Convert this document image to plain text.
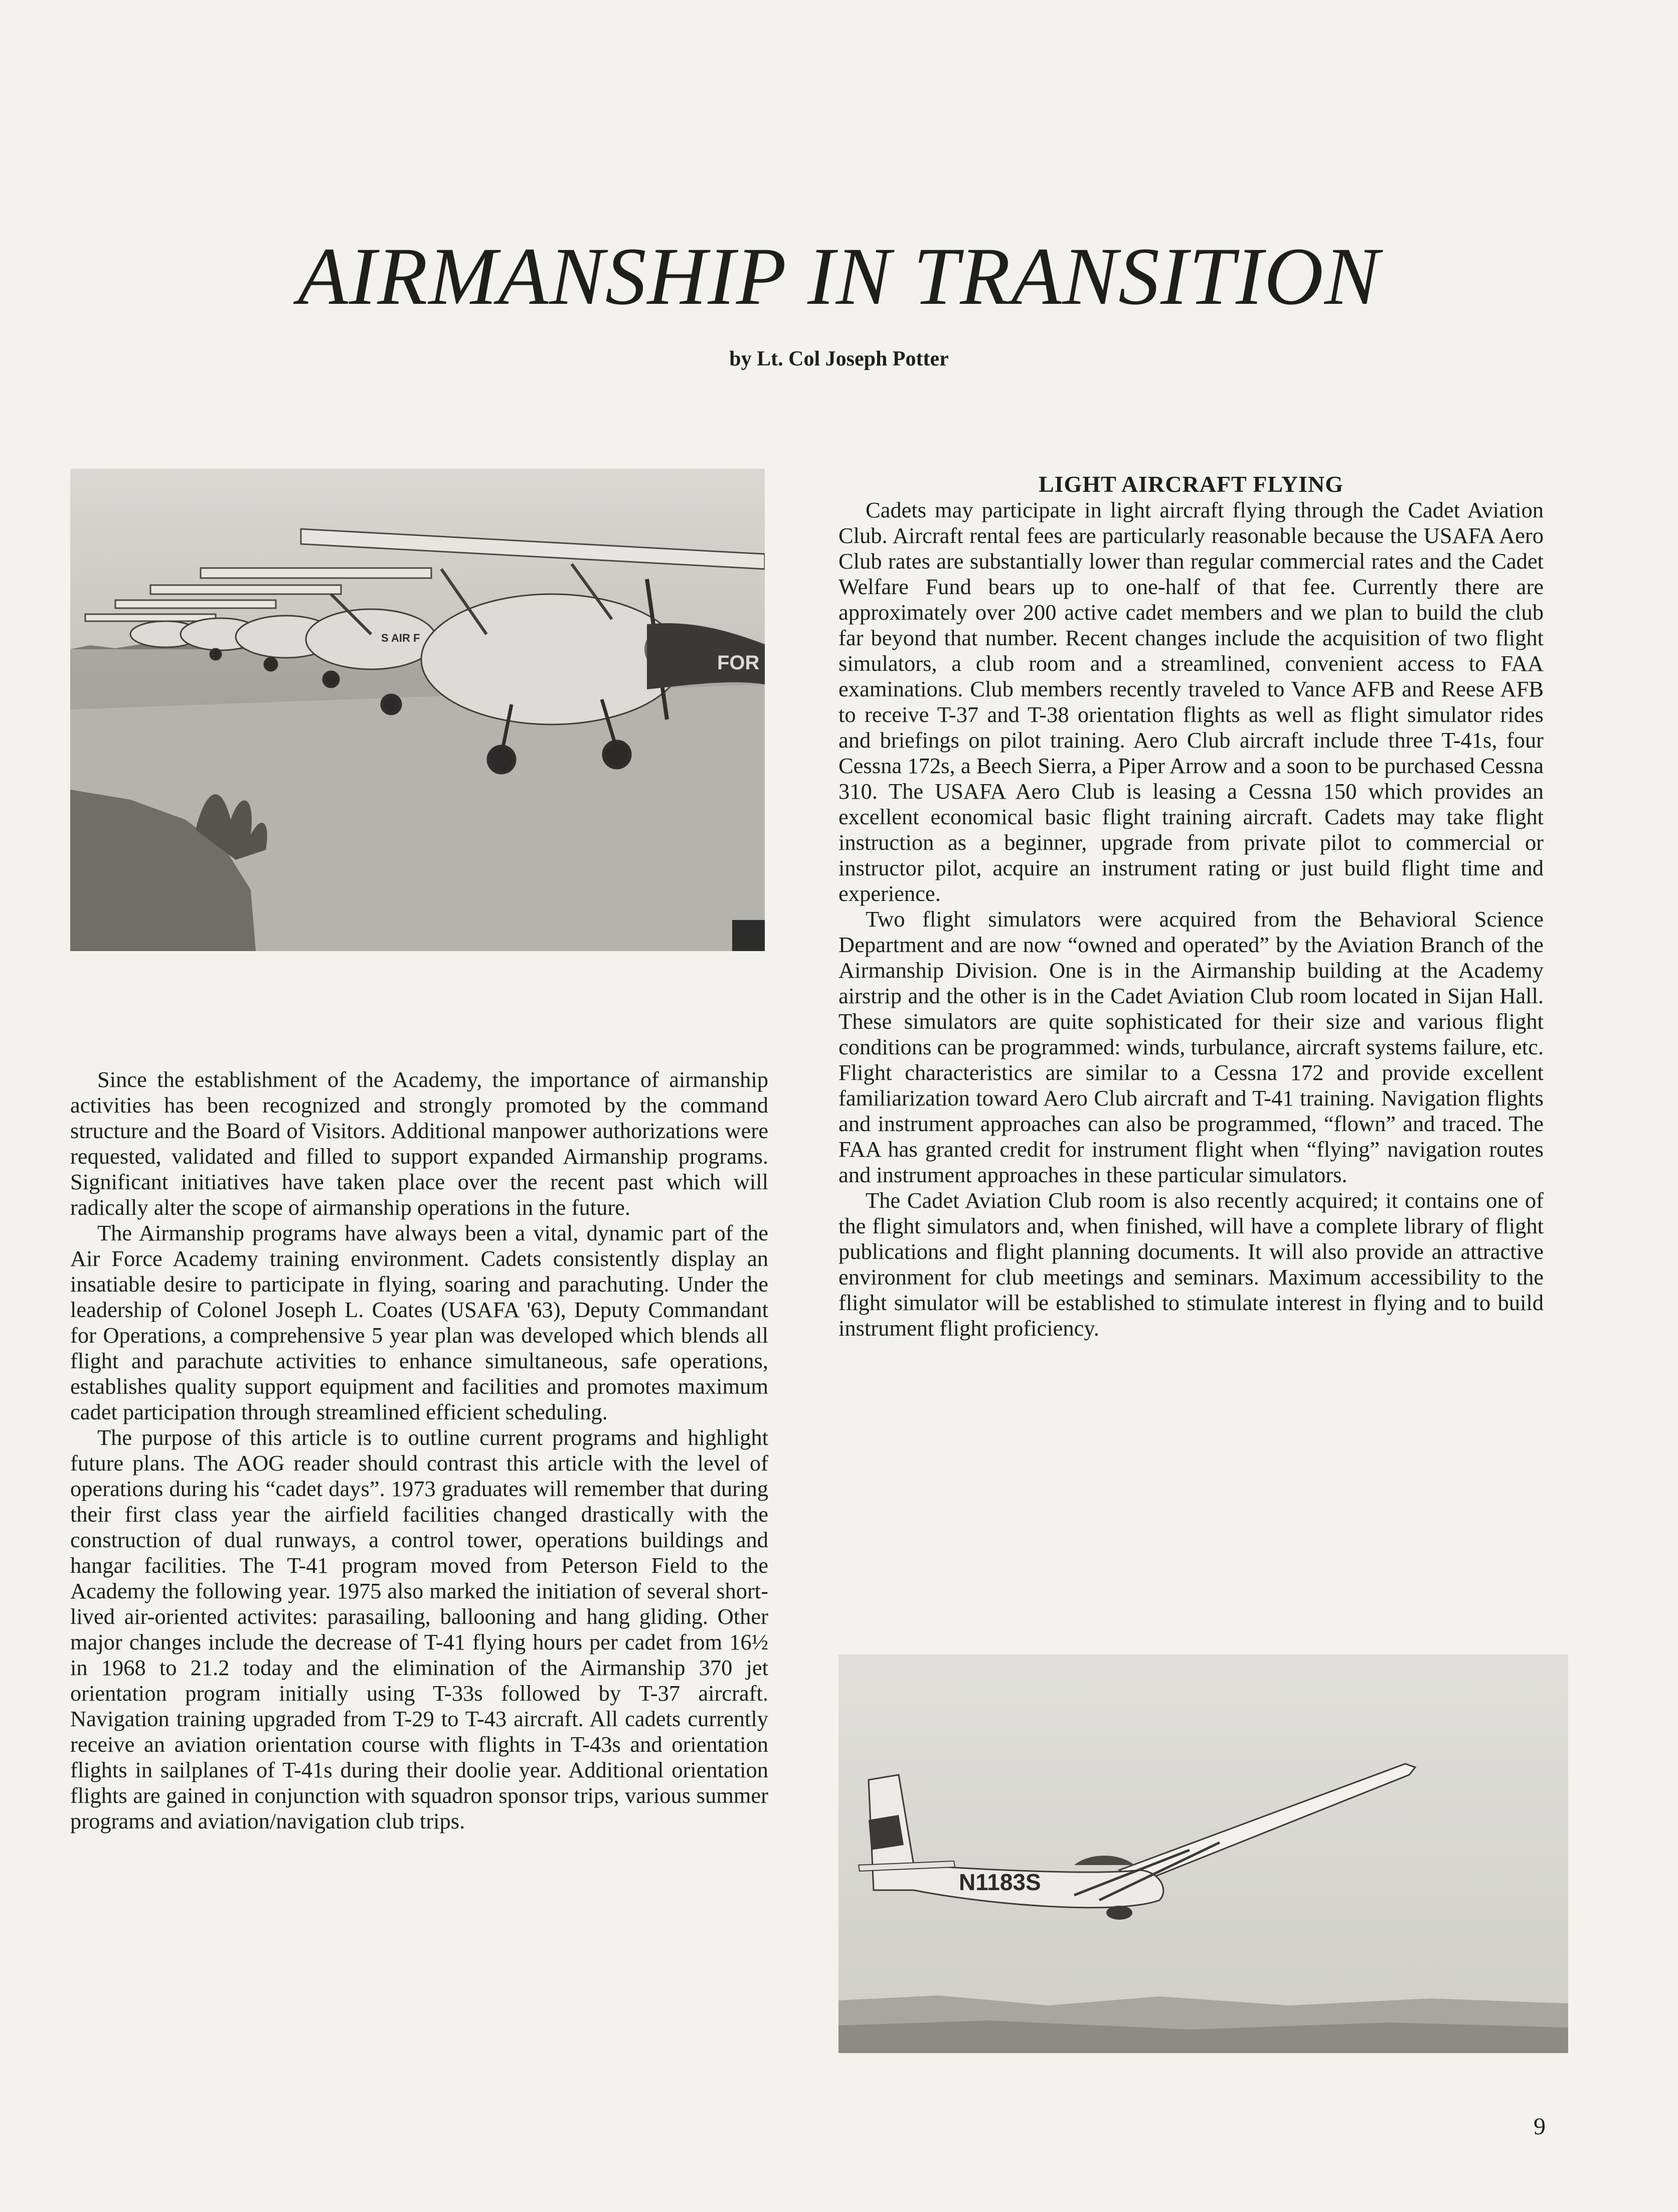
AIRMANSHIP IN TRANSITION
by Lt. Col Joseph Potter
S AIR F
FOR

Since the establishment of the Academy, the importance of airmanship activities has been recognized and strongly promoted by the command structure and the Board of Visitors. Additional manpower authorizations were requested, validated and filled to support expanded Airmanship programs. Significant initiatives have taken place over the recent past which will radically alter the scope of airmanship operations in the future.

The Airmanship programs have always been a vital, dynamic part of the Air Force Academy training environment. Cadets consistently display an insatiable desire to participate in flying, soaring and parachuting. Under the leadership of Colonel Joseph L. Coates (USAFA '63), Deputy Commandant for Operations, a comprehensive 5 year plan was developed which blends all flight and parachute activities to enhance simultaneous, safe operations, establishes quality support equipment and facilities and promotes maximum cadet participation through streamlined efficient scheduling.

The purpose of this article is to outline current programs and highlight future plans. The AOG reader should contrast this article with the level of operations during his “cadet days”. 1973 graduates will remember that during their first class year the airfield facilities changed drastically with the construction of dual runways, a control tower, operations buildings and hangar facilities. The T-41 program moved from Peterson Field to the Academy the following year. 1975 also marked the initiation of several short-lived air-oriented activites: parasailing, ballooning and hang gliding. Other major changes include the decrease of T-41 flying hours per cadet from 16½ in 1968 to 21.2 today and the elimination of the Airmanship 370 jet orientation program initially using T-33s followed by T-37 aircraft. Navigation training upgraded from T-29 to T-43 aircraft. All cadets currently receive an aviation orientation course with flights in T-43s and orientation flights in sailplanes of T-41s during their doolie year. Additional orientation flights are gained in conjunction with squadron sponsor trips, various summer programs and aviation/navigation club trips.

LIGHT AIRCRAFT FLYING

Cadets may participate in light aircraft flying through the Cadet Aviation Club. Aircraft rental fees are particularly reasonable because the USAFA Aero Club rates are substantially lower than regular commercial rates and the Cadet Welfare Fund bears up to one-half of that fee. Currently there are approximately over 200 active cadet members and we plan to build the club far beyond that number. Recent changes include the acquisition of two flight simulators, a club room and a streamlined, convenient access to FAA examinations. Club members recently traveled to Vance AFB and Reese AFB to receive T-37 and T-38 orientation flights as well as flight simulator rides and briefings on pilot training. Aero Club aircraft include three T-41s, four Cessna 172s, a Beech Sierra, a Piper Arrow and a soon to be purchased Cessna 310. The USAFA Aero Club is leasing a Cessna 150 which provides an excellent economical basic flight training aircraft. Cadets may take flight instruction as a beginner, upgrade from private pilot to commercial or instructor pilot, acquire an instrument rating or just build flight time and experience.

Two flight simulators were acquired from the Behavioral Science Department and are now “owned and operated” by the Aviation Branch of the Airmanship Division. One is in the Airmanship building at the Academy airstrip and the other is in the Cadet Aviation Club room located in Sijan Hall. These simulators are quite sophisticated for their size and various flight conditions can be programmed: winds, turbulance, aircraft systems failure, etc. Flight characteristics are similar to a Cessna 172 and provide excellent familiarization toward Aero Club aircraft and T-41 training. Navigation flights and instrument approaches can also be programmed, “flown” and traced. The FAA has granted credit for instrument flight when “flying” navigation routes and instrument approaches in these particular simulators.

The Cadet Aviation Club room is also recently acquired; it contains one of the flight simulators and, when finished, will have a complete library of flight publications and flight planning documents. It will also provide an attractive environment for club meetings and seminars. Maximum accessibility to the flight simulator will be established to stimulate interest in flying and to build instrument flight proficiency.

N1183S
9
